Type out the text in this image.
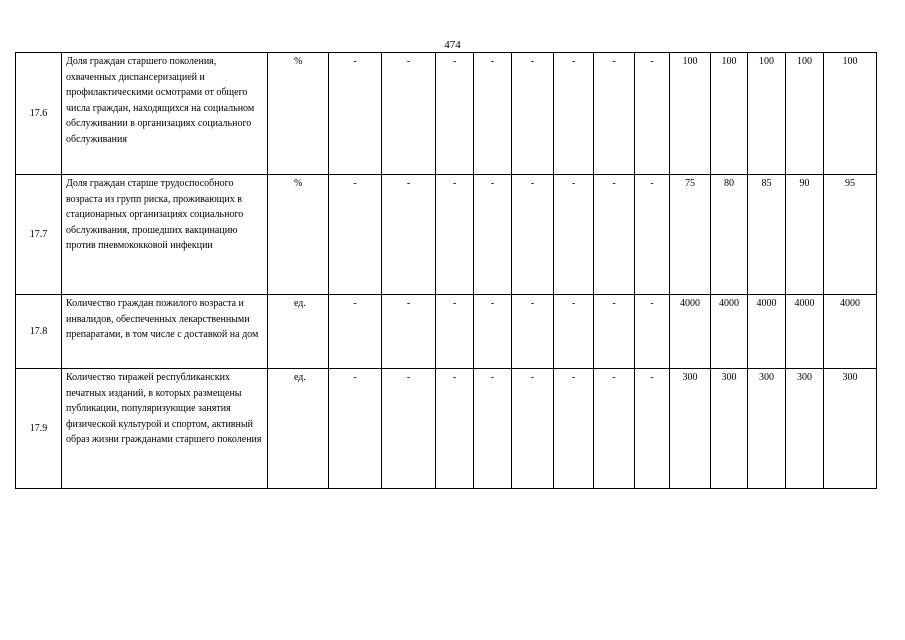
474
17.6	Доля граждан старшего поколения, охваченных диспансеризацией и профилактическими осмотрами от общего числа граждан, находящихся на социальном обслуживании в организациях социального обслуживания	%	-	-	-	-	-	-	-	-	100	100	100	100	100
17.7	Доля граждан старше трудоспособного возраста из групп риска, проживающих в стационарных организациях социального обслуживания, прошедших вакцинацию против пневмококковой инфекции	%	-	-	-	-	-	-	-	-	75	80	85	90	95
17.8	Количество граждан пожилого возраста и инвалидов, обеспеченных лекарственными препаратами, в том числе с доставкой на дом	ед.	-	-	-	-	-	-	-	-	4000	4000	4000	4000	4000
17.9	Количество тиражей республиканских печатных изданий, в которых размещены публикации, популяризующие занятия физической культурой и спортом, активный образ жизни гражданами старшего поколения	ед.	-	-	-	-	-	-	-	-	300	300	300	300	300
